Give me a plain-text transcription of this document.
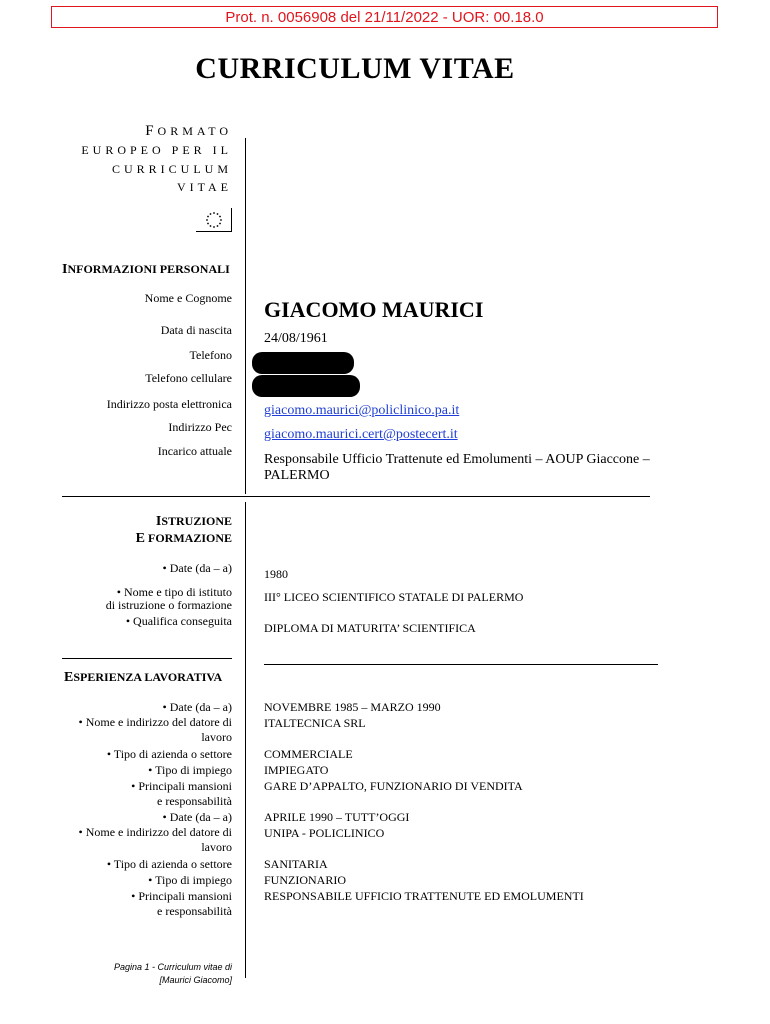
Prot. n. 0056908 del 21/11/2022 - UOR: 00.18.0
CURRICULUM VITAE
FORMATO
EUROPEO PER IL
CURRICULUM
VITAE
INFORMAZIONI PERSONALI
Nome e Cognome
Data di nascita
Telefono
Telefono cellulare
Indirizzo posta elettronica
Indirizzo Pec
Incarico attuale
GIACOMO MAURICI
24/08/1961
giacomo.maurici@policlinico.pa.it
giacomo.maurici.cert@postecert.it
Responsabile Ufficio Trattenute ed Emolumenti – AOUP Giaccone –
PALERMO
ISTRUZIONE
E FORMAZIONE
• Date (da – a)
• Nome e tipo di istituto
di istruzione o formazione
• Qualifica conseguita
1980
III° LICEO SCIENTIFICO STATALE DI PALERMO
DIPLOMA DI MATURITA’ SCIENTIFICA
ESPERIENZA LAVORATIVA
• Date (da – a)
• Nome e indirizzo del datore di
lavoro
• Tipo di azienda o settore
• Tipo di impiego
• Principali mansioni
e responsabilità
• Date (da – a)
• Nome e indirizzo del datore di
lavoro
• Tipo di azienda o settore
• Tipo di impiego
• Principali mansioni
e responsabilità
NOVEMBRE 1985 – MARZO 1990
ITALTECNICA SRL
COMMERCIALE
IMPIEGATO
GARE D’APPALTO, FUNZIONARIO DI VENDITA
APRILE 1990 – TUTT’OGGI
UNIPA - POLICLINICO
SANITARIA
FUNZIONARIO
RESPONSABILE UFFICIO TRATTENUTE ED EMOLUMENTI
Pagina 1 - Curriculum vitae di
[Maurici Giacomo]
